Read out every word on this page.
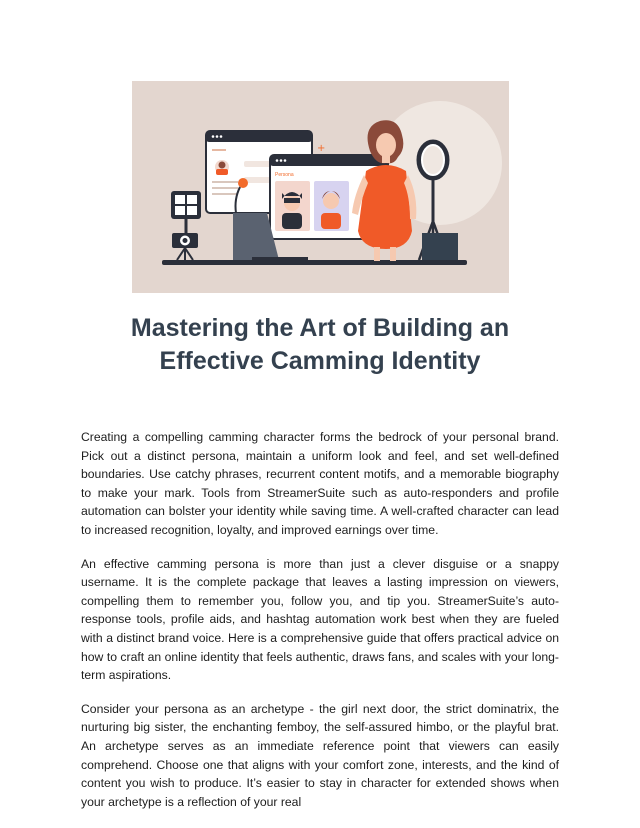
+
Persona
Mastering the Art of Building an
Effective Camming Identity

Creating a compelling camming character forms the bedrock of your personal brand. Pick out a distinct persona, maintain a uniform look and feel, and set well-defined boundaries. Use catchy phrases, recurrent content motifs, and a memorable biography to make your mark. Tools from StreamerSuite such as auto-responders and profile automation can bolster your identity while saving time. A well-crafted character can lead to increased recognition, loyalty, and improved earnings over time.

An effective camming persona is more than just a clever disguise or a snappy username. It is the complete package that leaves a lasting impression on viewers, compelling them to remember you, follow you, and tip you. StreamerSuite’s auto-response tools, profile aids, and hashtag automation work best when they are fueled with a distinct brand voice. Here is a comprehensive guide that offers practical advice on how to craft an online identity that feels authentic, draws fans, and scales with your long-term aspirations.

Consider your persona as an archetype - the girl next door, the strict dominatrix, the nurturing big sister, the enchanting femboy, the self-assured himbo, or the playful brat. An archetype serves as an immediate reference point that viewers can easily comprehend. Choose one that aligns with your comfort zone, interests, and the kind of content you wish to produce. It’s easier to stay in character for extended shows when your archetype is a reflection of your real
